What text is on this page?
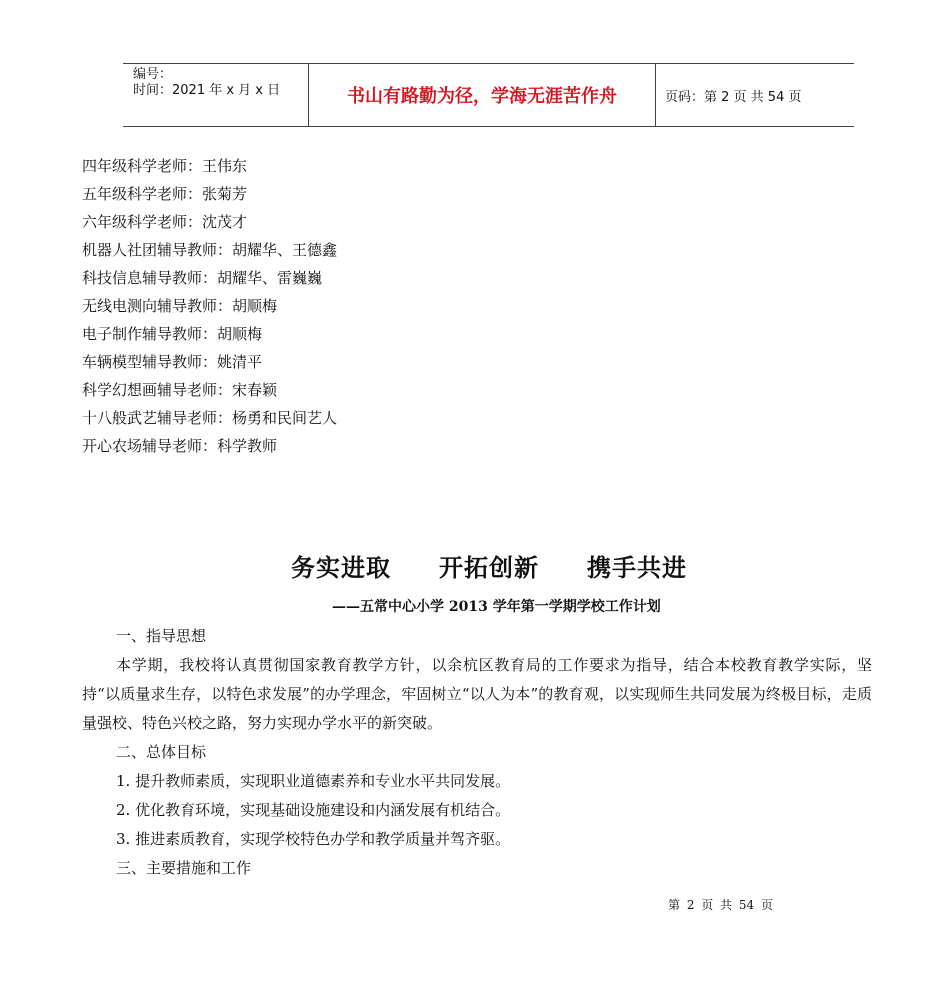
编号：
时间：2021 年 x 月 x 日	书山有路勤为径，学海无涯苦作舟	页码：第 2 页 共 54 页
四年级科学老师：王伟东
五年级科学老师：张菊芳
六年级科学老师：沈茂才
机器人社团辅导教师：胡耀华、王德鑫
科技信息辅导教师：胡耀华、雷巍巍
无线电测向辅导教师：胡顺梅
电子制作辅导教师：胡顺梅
车辆模型辅导教师：姚清平
科学幻想画辅导老师：宋春颖
十八般武艺辅导老师：杨勇和民间艺人
开心农场辅导老师：科学教师
务实进取 开拓创新 携手共进
——五常中心小学 2013 学年第一学期学校工作计划
一、指导思想
本学期，我校将认真贯彻国家教育教学方针，以余杭区教育局的工作要求为指导，结合本校教育教学实际，坚持“以质量求生存，以特色求发展”的办学理念，牢固树立“以人为本”的教育观，以实现师生共同发展为终极目标，走质量强校、特色兴校之路，努力实现办学水平的新突破。
二、总体目标
1. 提升教师素质，实现职业道德素养和专业水平共同发展。
2. 优化教育环境，实现基础设施建设和内涵发展有机结合。
3. 推进素质教育，实现学校特色办学和教学质量并驾齐驱。
三、主要措施和工作
第 2 页 共 54 页
